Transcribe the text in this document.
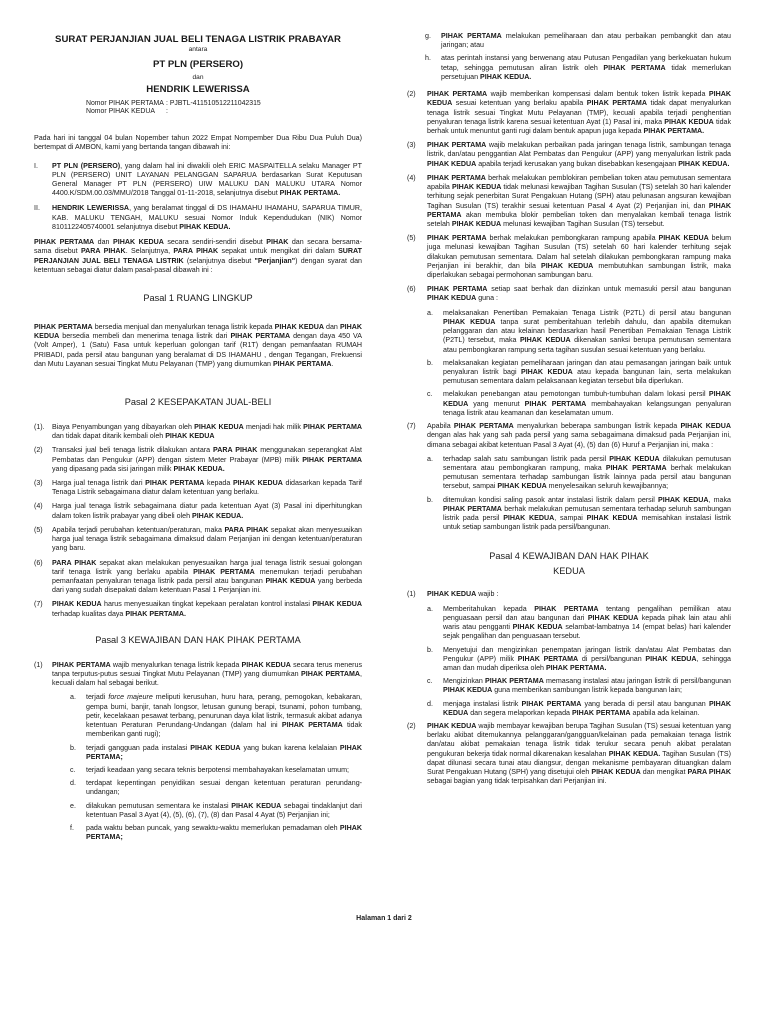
SURAT PERJANJIAN JUAL BELI TENAGA LISTRIK PRABAYAR
antara
PT PLN (PERSERO)
dan
HENDRIK LEWERISSA
Nomor PIHAK PERTAMA : PJBTL-411510512211042315
Nomor PIHAK KEDUA :

Pada hari ini tanggal 04 bulan Nopember tahun 2022 Empat Nompember Dua Ribu Dua Puluh Dua) bertempat di AMBON, kami yang bertanda tangan dibawah ini:

I.	PT PLN (PERSERO), yang dalam hal ini diwakili oleh ERIC MASPAITELLA selaku Manager PT PLN (PERSERO) UNIT LAYANAN PELANGGAN SAPARUA berdasarkan Surat Keputusan General Manager PT PLN (PERSERO) UIW MALUKU DAN MALUKU UTARA Nomor 4400.K/SDM.00.03/MMU/2018 Tanggal 01-11-2018, selanjutnya disebut PIHAK PERTAMA.
II.	HENDRIK LEWERISSA, yang beralamat tinggal di DS IHAMAHU IHAMAHU, SAPARUA TIMUR, KAB. MALUKU TENGAH, MALUKU sesuai Nomor Induk Kependudukan (NIK) Nomor 8101122405740001 selanjutnya disebut PIHAK KEDUA.

PIHAK PERTAMA dan PIHAK KEDUA secara sendiri-sendiri disebut PIHAK dan secara bersama-sama disebut PARA PIHAK. Selanjutnya, PARA PIHAK sepakat untuk mengikat diri dalam SURAT PERJANJIAN JUAL BELI TENAGA LISTRIK (selanjutnya disebut "Perjanjian") dengan syarat dan ketentuan sebagai diatur dalam pasal-pasal dibawah ini :

Pasal 1 RUANG LINGKUP

PIHAK PERTAMA bersedia menjual dan menyalurkan tenaga listrik kepada PIHAK KEDUA dan PIHAK KEDUA bersedia membeli dan menerima tenaga listrik dari PIHAK PERTAMA dengan daya 450 VA (Volt Amper), 1 (Satu) Fasa untuk keperluan golongan tarif (R1T) dengan pemanfaatan RUMAH PRIBADI, pada persil atau bangunan yang beralamat di DS IHAMAHU , dengan Tegangan, Frekuensi dan Mutu Layanan sesuai Tingkat Mutu Pelayanan (TMP) yang diumumkan PIHAK PERTAMA.

Pasal 2 KESEPAKATAN JUAL-BELI
(1).	Biaya Penyambungan yang dibayarkan oleh PIHAK KEDUA menjadi hak milik PIHAK PERTAMA dan tidak dapat ditarik kembali oleh PIHAK KEDUA
(2)	Transaksi jual beli tenaga listrik dilakukan antara PARA PIHAK menggunakan seperangkat Alat Pembatas dan Pengukur (APP) dengan sistem Meter Prabayar (MPB) milik PIHAK PERTAMA yang dipasang pada sisi jaringan milik PIHAK KEDUA.
(3)	Harga jual tenaga listrik dari PIHAK PERTAMA kepada PIHAK KEDUA didasarkan kepada Tarif Tenaga Listrik sebagaimana diatur dalam ketentuan yang berlaku.
(4)	Harga jual tenaga listrik sebagaimana diatur pada ketentuan Ayat (3) Pasal ini diperhitungkan dalam token listrik prabayar yang dibeli oleh PIHAK KEDUA.
(5)	Apabila terjadi perubahan ketentuan/peraturan, maka PARA PIHAK sepakat akan menyesuaikan harga jual tenaga listrik sebagaimana dimaksud dalam Perjanjian ini dengan ketentuan/peraturan yang baru.
(6)	PARA PIHAK sepakat akan melakukan penyesuaikan harga jual tenaga listrik sesuai golongan tarif tenaga listrik yang berlaku apabila PIHAK PERTAMA menemukan terjadi perubahan pemanfaatan penyaluran tenaga listrik pada persil atau bangunan PIHAK KEDUA yang berbeda dari yang sudah disepakati dalam ketentuan Pasal 1 Perjanjian ini.
(7)	PIHAK KEDUA harus menyesuaikan tingkat kepekaan peralatan kontrol instalasi PIHAK KEDUA terhadap kualitas daya PIHAK PERTAMA.
Pasal 3 KEWAJIBAN DAN HAK PIHAK PERTAMA
(1)	PIHAK PERTAMA wajib menyalurkan tenaga listrik kepada PIHAK KEDUA secara terus menerus tanpa terputus-putus sesuai Tingkat Mutu Pelayanan (TMP) yang diumumkan PIHAK PERTAMA, kecuali dalam hal sebagai berikut.
a.	terjadi force majeure meliputi kerusuhan, huru hara, perang, pemogokan, kebakaran, gempa bumi, banjir, tanah longsor, letusan gunung berapi, tsunami, pohon tumbang, petir, kecelakaan pesawat terbang, penurunan daya kilat listrik, termasuk akibat adanya ketentuan Peraturan Perundang-Undangan (dalam hal ini PIHAK PERTAMA tidak memberikan ganti rugi);
b.	terjadi gangguan pada instalasi PIHAK KEDUA yang bukan karena kelalaian PIHAK PERTAMA;
c.	terjadi keadaan yang secara teknis berpotensi membahayakan keselamatan umum;
d.	terdapat kepentingan penyidikan sesuai dengan ketentuan peraturan perundang-undangan;
e.	dilakukan pemutusan sementara ke instalasi PIHAK KEDUA sebagai tindaklanjut dari ketentuan Pasal 3 Ayat (4), (5), (6), (7), (8) dan Pasal 4 Ayat (5) Perjanjian ini;
f.	pada waktu beban puncak, yang sewaktu-waktu memerlukan pemadaman oleh PIHAK PERTAMA;
g.	PIHAK PERTAMA melakukan pemeliharaan dan atau perbaikan pembangkit dan atau jaringan; atau
h.	atas perintah instansi yang berwenang atau Putusan Pengadilan yang berkekuatan hukum tetap, sehingga pemutusan aliran listrik oleh PIHAK PERTAMA tidak memerlukan persetujuan PIHAK KEDUA.
(2)	PIHAK PERTAMA wajib memberikan kompensasi dalam bentuk token listrik kepada PIHAK KEDUA sesuai ketentuan yang berlaku apabila PIHAK PERTAMA tidak dapat menyalurkan tenaga listrik sesuai Tingkat Mutu Pelayanan (TMP), kecuali apabila terjadi penghentian penyaluran tenaga listrik karena sesuai ketentuan Ayat (1) Pasal ini, maka PIHAK KEDUA tidak berhak untuk menuntut ganti rugi dalam bentuk apapun juga kepada PIHAK PERTAMA.
(3)	PIHAK PERTAMA wajib melakukan perbaikan pada jaringan tenaga listrik, sambungan tenaga listrik, dan/atau penggantian Alat Pembatas dan Pengukur (APP) yang menyalurkan listrik pada PIHAK KEDUA apabila terjadi kerusakan yang bukan disebabkan kesengajaan PIHAK KEDUA.
(4)	PIHAK PERTAMA berhak melakukan pemblokiran pembelian token atau pemutusan sementara apabila PIHAK KEDUA tidak melunasi kewajiban Tagihan Susulan (TS) setelah 30 hari kalender terhitung sejak penerbitan Surat Pengakuan Hutang (SPH) atau pelunasan angsuran kewajiban Tagihan Susulan (TS) terakhir sesuai ketentuan Pasal 4 Ayat (2) Perjanjian ini, dan PIHAK PERTAMA akan membuka blokir pembelian token dan menyalakan kembali tenaga listrik setelah PIHAK KEDUA melunasi kewajiban Tagihan Susulan (TS) tersebut.
(5)	PIHAK PERTAMA berhak melakukan pembongkaran rampung apabila PIHAK KEDUA belum juga melunasi kewajiban Tagihan Susulan (TS) setelah 60 hari kalender terhitung sejak dilakukan pemutusan sementara. Dalam hal setelah dilakukan pembongkaran rampung maka Perjanjian ini berakhir, dan bila PIHAK KEDUA membutuhkan sambungan listrik, maka diperlakukan sebagai permohonan sambungan baru.
(6)	PIHAK PERTAMA setiap saat berhak dan diizinkan untuk memasuki persil atau bangunan PIHAK KEDUA guna :
a.	melaksanakan Penertiban Pemakaian Tenaga Listrik (P2TL) di persil atau bangunan PIHAK KEDUA tanpa surat pemberitahuan terlebih dahulu, dan apabila ditemukan pelanggaran dan atau kelainan berdasarkan hasil Penertiban Pemakaian Tenaga Listrik (P2TL) tersebut, maka PIHAK KEDUA dikenakan sanksi berupa pemutusan sementara atau pembongkaran rampung serta tagihan susulan sesuai ketentuan yang berlaku.
b.	melaksanakan kegiatan pemeliharaan jaringan dan atau pemasangan jaringan baik untuk penyaluran listrik bagi PIHAK KEDUA atau kepada bangunan lain, serta melakukan pemutusan sementara dalam pelaksanaan kegiatan tersebut bila diperlukan.
c.	melakukan penebangan atau pemotongan tumbuh-tumbuhan dalam lokasi persil PIHAK KEDUA yang menurut PIHAK PERTAMA membahayakan kelangsungan penyaluran tenaga listrik atau keamanan dan keselamatan umum.
(7)	Apabila PIHAK PERTAMA menyalurkan beberapa sambungan listrik kepada PIHAK KEDUA dengan alas hak yang sah pada persil yang sama sebagaimana dimaksud pada Perjanjian ini, dimana sebagai akibat ketentuan Pasal 3 Ayat (4), (5) dan (6) Huruf a Perjanjian ini, maka :
a.	terhadap salah satu sambungan listrik pada persil PIHAK KEDUA dilakukan pemutusan sementara atau pembongkaran rampung, maka PIHAK PERTAMA berhak melakukan pemutusan sementara terhadap sambungan listrik lainnya pada persil atau bangunan tersebut, sampai PIHAK KEDUA menyelesaikan seluruh kewajibannya;
b.	ditemukan kondisi saling pasok antar instalasi listrik dalam persil PIHAK KEDUA, maka PIHAK PERTAMA berhak melakukan pemutusan sementara terhadap seluruh sambungan listrik pada persil PIHAK KEDUA, sampai PIHAK KEDUA memisahkan instalasi listrik untuk setiap sambungan listrik pada persil/bangunan.
Pasal 4 KEWAJIBAN DAN HAK PIHAK
KEDUA
(1)	PIHAK KEDUA wajib :
a.	Memberitahukan kepada PIHAK PERTAMA tentang pengalihan pemilikan atau penguasaan persil dan atau bangunan dari PIHAK KEDUA kepada pihak lain atau ahli waris atau pengganti PIHAK KEDUA selambat-lambatnya 14 (empat belas) hari kalender sejak pengalihan dan penguasaan tersebut.
b.	Menyetujui dan mengizinkan penempatan jaringan listrik dan/atau Alat Pembatas dan Pengukur (APP) milik PIHAK PERTAMA di persil/bangunan PIHAK KEDUA, sehingga aman dan mudah diperiksa oleh PIHAK PERTAMA.
c.	Mengizinkan PIHAK PERTAMA memasang instalasi atau jaringan listrik di persil/bangunan PIHAK KEDUA guna memberikan sambungan listrik kepada bangunan lain;
d.	menjaga instalasi listrik PIHAK PERTAMA yang berada di persil atau bangunan PIHAK KEDUA dan segera melaporkan kepada PIHAK PERTAMA apabila ada kelainan.
(2)	PIHAK KEDUA wajib membayar kewajiban berupa Tagihan Susulan (TS) sesuai ketentuan yang berlaku akibat ditemukannya pelanggaran/gangguan/kelainan pada pemakaian tenaga listrik dan/atau akibat pemakaian tenaga listrik tidak terukur secara penuh akibat peralatan pengukuran bekerja tidak normal dikarenakan kesalahan PIHAK KEDUA. Tagihan Susulan (TS) dapat dilunasi secara tunai atau diangsur, dengan mekanisme pembayaran dituangkan dalam Surat Pengakuan Hutang (SPH) yang disetujui oleh PIHAK KEDUA dan mengikat PARA PIHAK sebagai bagian yang tidak terpisahkan dari Perjanjian ini.
Halaman 1 dari 2
